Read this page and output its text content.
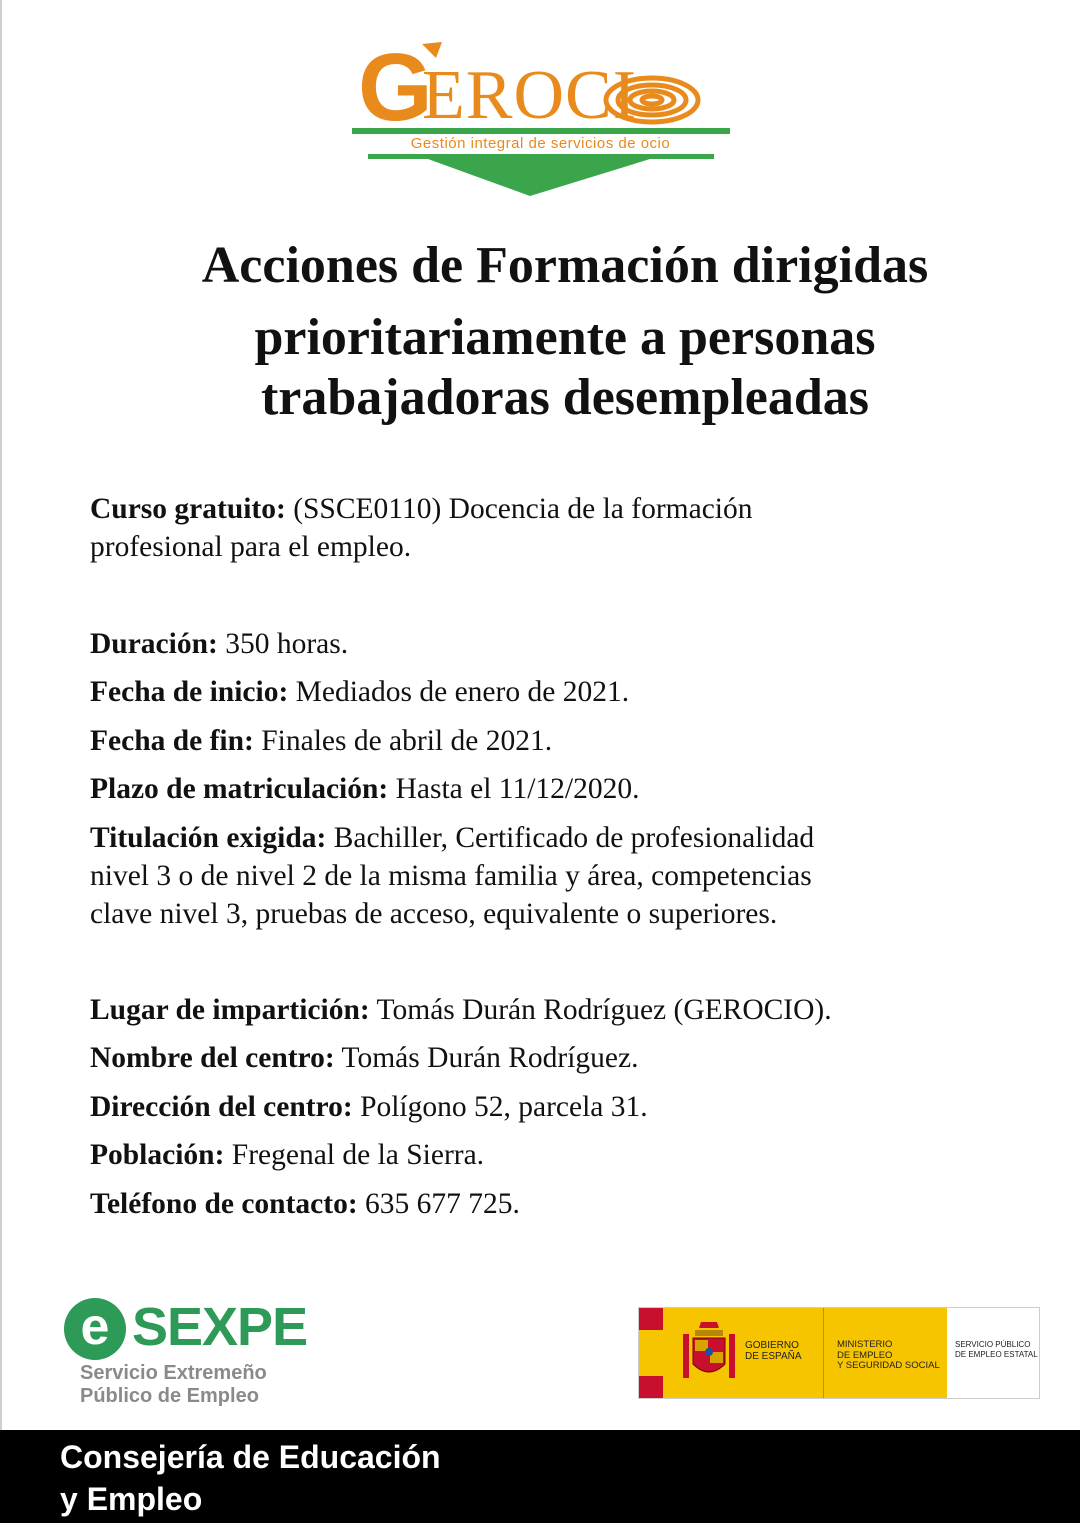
G
EROCI
Gestión integral de servicios de ocio
Acciones de Formación dirigidas
prioritariamente a personas
trabajadoras desempleadas
Curso gratuito: (SSCE0110) Docencia de la formación
profesional para el empleo.
Duración: 350 horas.
Fecha de inicio: Mediados de enero de 2021.
Fecha de fin: Finales de abril de 2021.
Plazo de matriculación: Hasta el 11/12/2020.
Titulación exigida: Bachiller, Certificado de profesionalidad
nivel 3 o de nivel 2 de la misma familia y área, competencias
clave nivel 3, pruebas de acceso, equivalente o superiores.
Lugar de impartición: Tomás Durán Rodríguez (GEROCIO).
Nombre del centro: Tomás Durán Rodríguez.
Dirección del centro: Polígono 52, parcela 31.
Población: Fregenal de la Sierra.
Teléfono de contacto: 635 677 725.
e SEXPE
Servicio Extremeño
Público de Empleo
GOBIERNO
DE ESPAÑA
MINISTERIO
DE EMPLEO
Y SEGURIDAD SOCIAL
SERVICIO PÚBLICO
DE EMPLEO ESTATAL
Consejería de Educación
y Empleo
